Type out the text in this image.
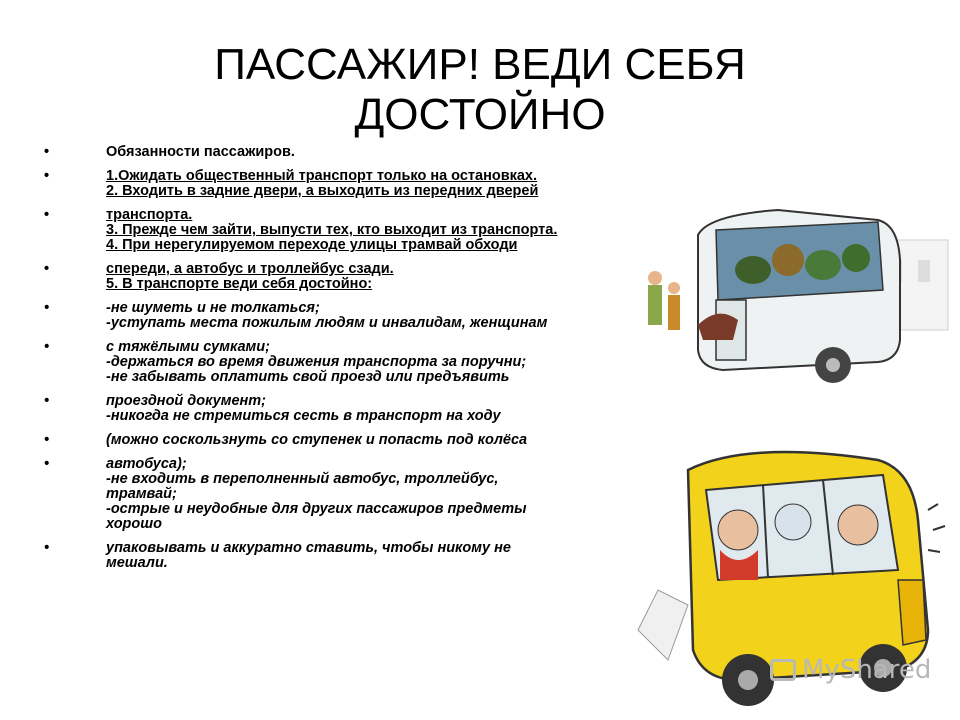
ПАССАЖИР! ВЕДИ СЕБЯ ДОСТОЙНО
•	Обязанности пассажиров.
•	1.Ожидать общественный транспорт только на остановках.
2. Входить в задние двери, а выходить из передних дверей
•	транспорта.
3. Прежде чем зайти, выпусти тех, кто выходит из транспорта.
4. При нерегулируемом переходе улицы трамвай обходи
•	спереди, а автобус и троллейбус сзади.
5. В транспорте веди себя достойно:
•	-не шуметь и не толкаться;
-уступать места пожилым людям и инвалидам, женщинам
•	с тяжёлыми сумками;
-держаться во время движения транспорта за поручни;
-не забывать оплатить свой проезд или предъявить
•	проездной документ;
-никогда не стремиться сесть в транспорт на ходу
•	(можно соскользнуть со ступенек и попасть под колёса
•	автобуса);
-не входить в переполненный автобус, троллейбус,
трамвай;
-острые и неудобные для других пассажиров предметы
хорошо
•	упаковывать и аккуратно ставить, чтобы никому не
мешали.
MyShared
